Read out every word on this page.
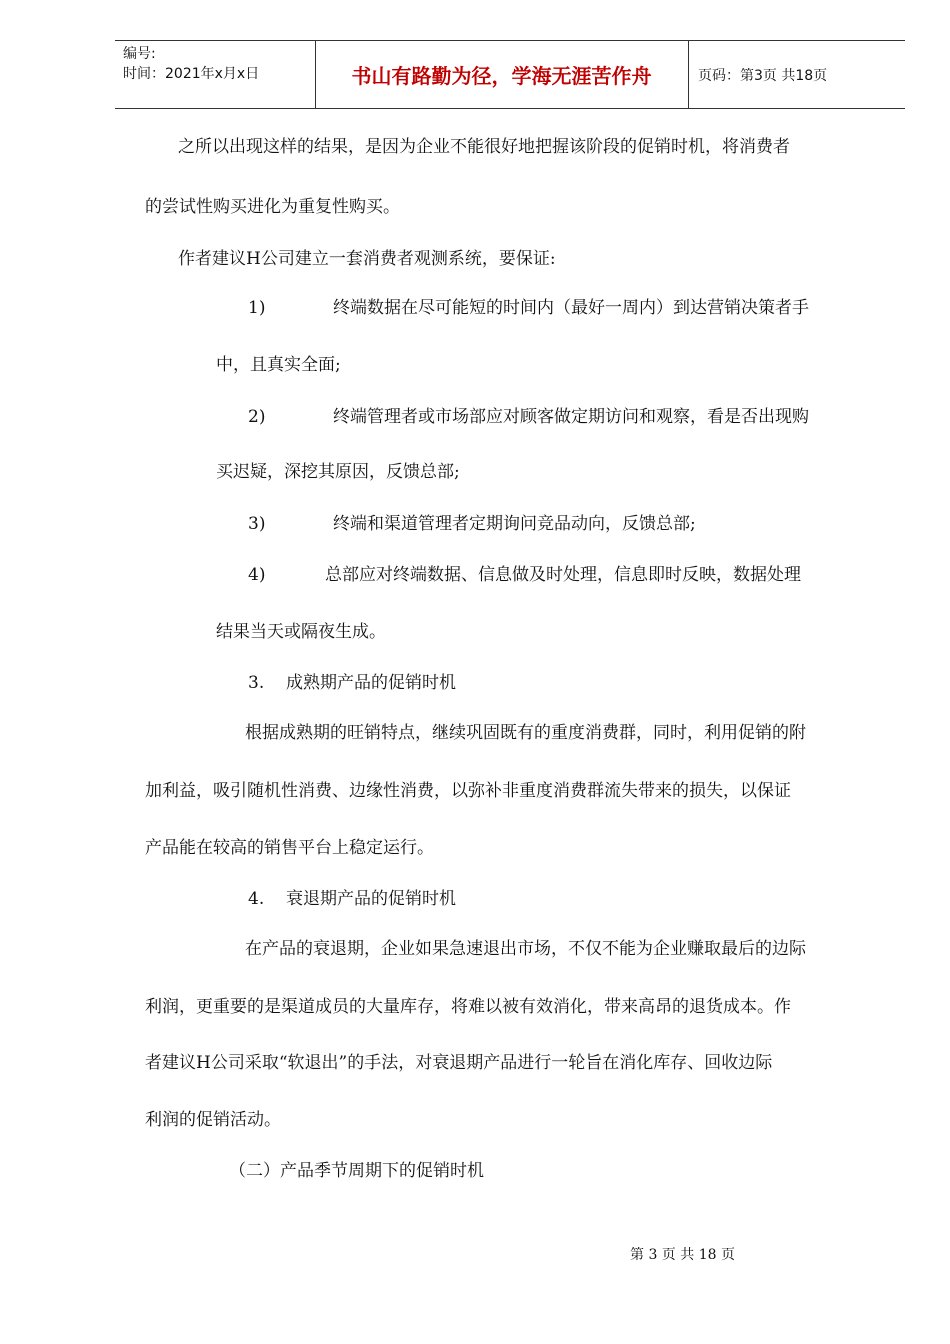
编号:
时间：2021年x月x日	书山有路勤为径，学海无涯苦作舟	页码：第3页 共18页
之所以出现这样的结果，是因为企业不能很好地把握该阶段的促销时机，将消费者
的尝试性购买进化为重复性购买。
作者建议H公司建立一套消费者观测系统，要保证:
1)	终端数据在尽可能短的时间内（最好一周内）到达营销决策者手
中，且真实全面;
2)	终端管理者或市场部应对顾客做定期访问和观察，看是否出现购
买迟疑，深挖其原因，反馈总部;
3)	终端和渠道管理者定期询问竞品动向，反馈总部;
4)	总部应对终端数据、信息做及时处理，信息即时反映，数据处理
结果当天或隔夜生成。
3. 成熟期产品的促销时机
根据成熟期的旺销特点，继续巩固既有的重度消费群，同时，利用促销的附
加利益，吸引随机性消费、边缘性消费，以弥补非重度消费群流失带来的损失，以保证
产品能在较高的销售平台上稳定运行。
4. 衰退期产品的促销时机
在产品的衰退期，企业如果急速退出市场，不仅不能为企业赚取最后的边际
利润，更重要的是渠道成员的大量库存，将难以被有效消化，带来高昂的退货成本。作
者建议H公司采取“软退出”的手法，对衰退期产品进行一轮旨在消化库存、回收边际
利润的促销活动。
（二）产品季节周期下的促销时机
第 3 页 共 18 页
